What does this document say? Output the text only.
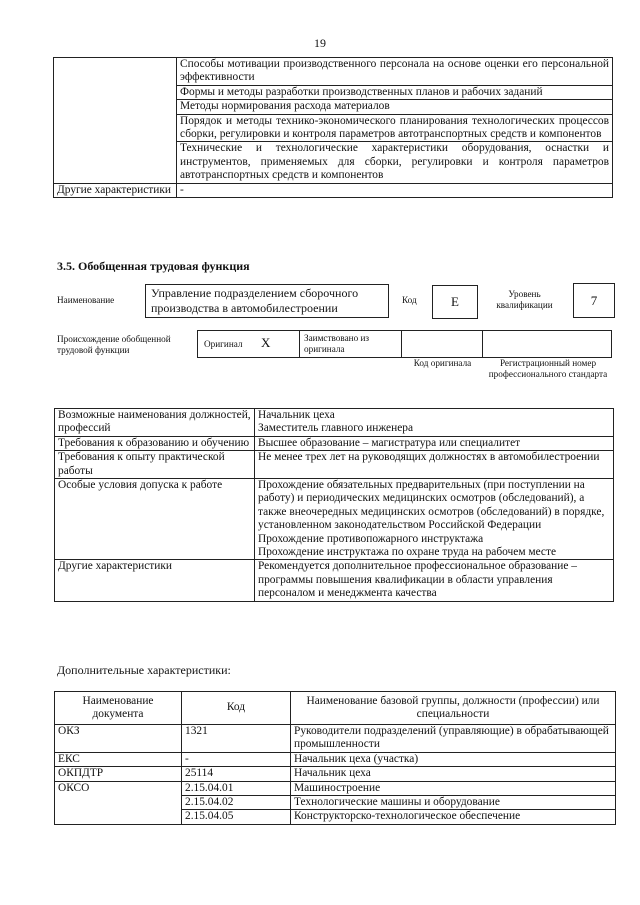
19
	Способы мотивации производственного персонала на основе оценки его персональной эффективности
	Формы и методы разработки производственных планов и рабочих заданий
	Методы нормирования расхода материалов
	Порядок и методы технико-экономического планирования технологических процессов сборки, регулировки и контроля параметров автотранспортных средств и компонентов
	Технические и технологические характеристики оборудования, оснастки и инструментов, применяемых для сборки, регулировки и контроля параметров автотранспортных средств и компонентов
Другие характеристики	-
3.5. Обобщенная трудовая функция
Наименование	Управление подразделением сборочного производства в автомобилестроении
Код	E	Уровень квалификации	7
Происхождение обобщенной трудовой функции
Оригинал X	Заимствовано из оригинала
Код оригинала	Регистрационный номер профессионального стандарта
Возможные наименования должностей, профессий	Начальник цеха
Заместитель главного инженера

Требования к образованию и обучению	Высшее образование – магистратура или специалитет
Требования к опыту практической работы	Не менее трех лет на руководящих должностях в автомобилестроении
Особые условия допуска к работе	Прохождение обязательных предварительных (при поступлении на работу) и периодических медицинских осмотров (обследований), а также внеочередных медицинских осмотров (обследований) в порядке, установленном законодательством Российской Федерации
Прохождение противопожарного инструктажа
Прохождение инструктажа по охране труда на рабочем месте

Другие характеристики	Рекомендуется дополнительное профессиональное образование – программы повышения квалификации в области управления персоналом и менеджмента качества
Дополнительные характеристики:
Наименование документа	Код	Наименование базовой группы, должности (профессии) или специальности
ОКЗ	1321	Руководители подразделений (управляющие) в обрабатывающей промышленности
ЕКС	-	Начальник цеха (участка)
ОКПДТР	25114	Начальник цеха
ОКСО	2.15.04.01	Машиностроение
	2.15.04.02	Технологические машины и оборудование
	2.15.04.05	Конструкторско-технологическое обеспечение
